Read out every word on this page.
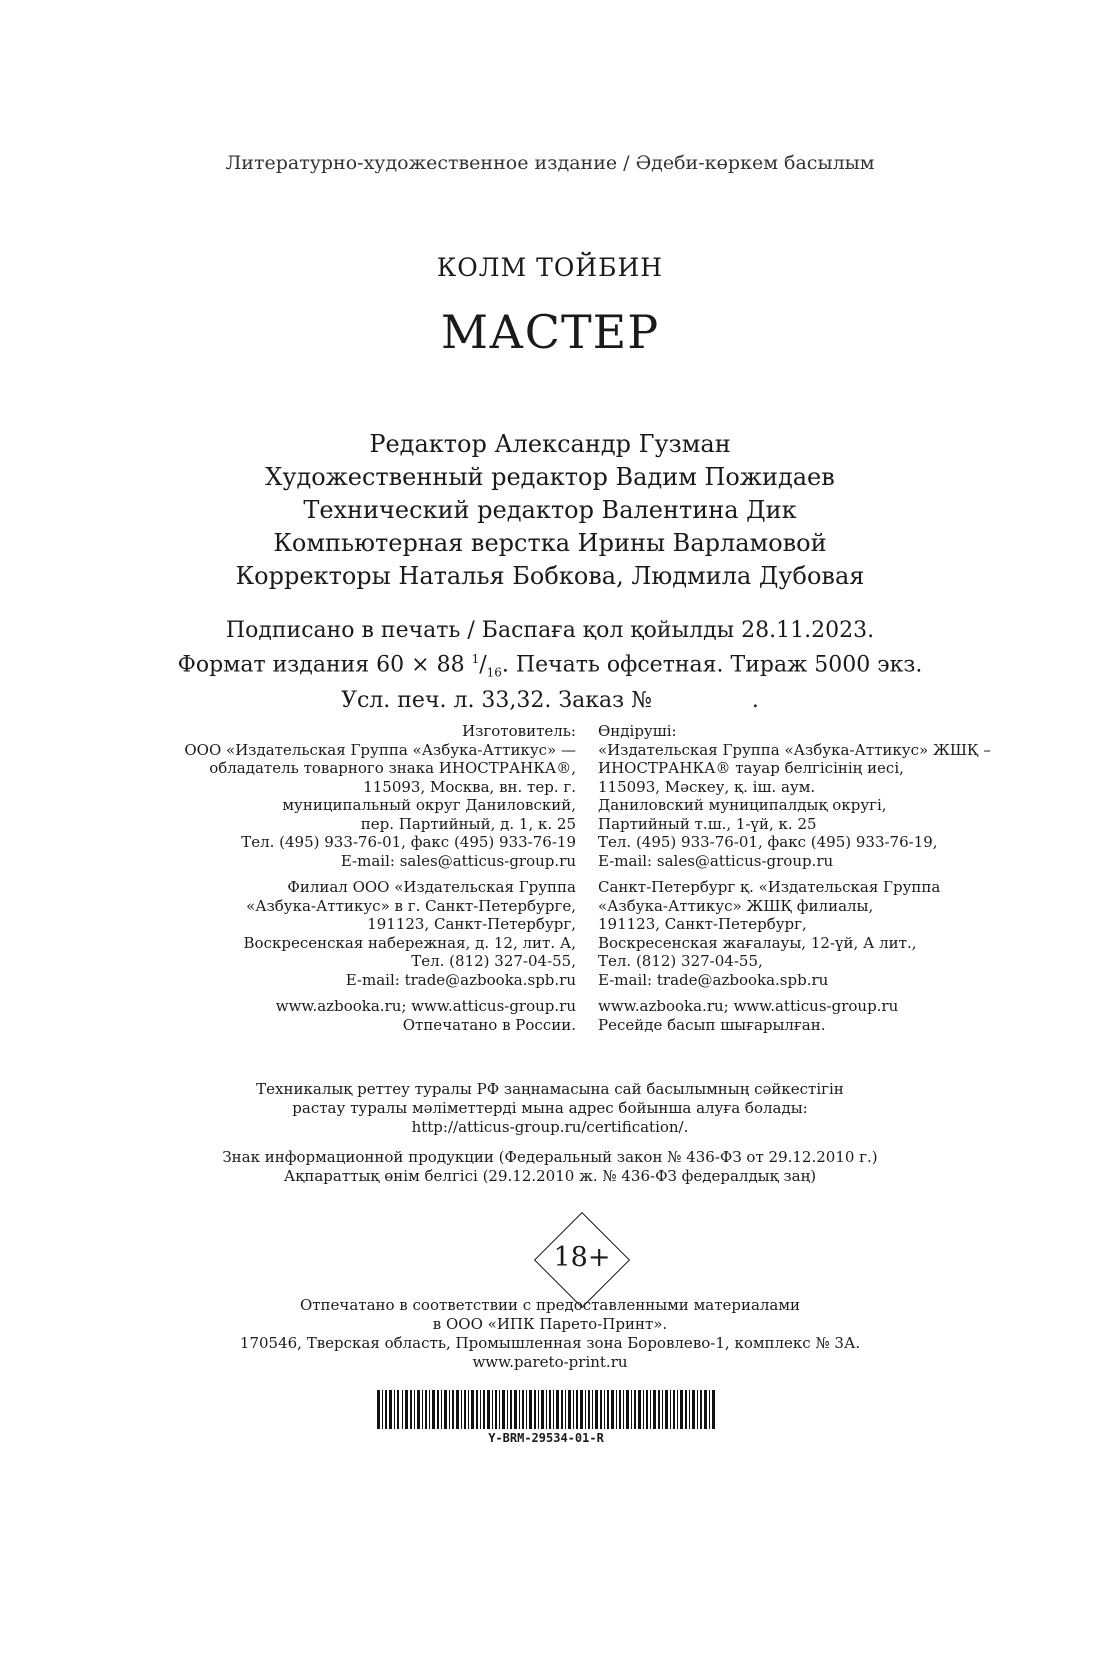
Литературно-художественное издание / Әдеби-көркем басылым
КОЛМ ТОЙБИН
МАСТЕР
Редактор Александр Гузман
Художественный редактор Вадим Пожидаев
Технический редактор Валентина Дик
Компьютерная верстка Ирины Варламовой
Корректоры Наталья Бобкова, Людмила Дубовая
Подписано в печать / Баспаға қол қойылды 28.11.2023.
Формат издания 60 × 88 $^1/_{16}$. Печать офсетная. Тираж 5000 экз.
Усл. печ. л. 33,32. Заказ №	.
Изготовитель:
ООО «Издательская Группа «Азбука-Аттикус» —
обладатель товарного знака ИНОСТРАНКА®,
115093, Москва, вн. тер. г.
муниципальный округ Даниловский,
пер. Партийный, д. 1, к. 25
Тел. (495) 933-76-01, факс (495) 933-76-19
E-mail: sales@atticus-group.ru
Филиал ООО «Издательская Группа
«Азбука-Аттикус» в г. Санкт-Петербурге,
191123, Санкт-Петербург,
Воскресенская набережная, д. 12, лит. А,
Тел. (812) 327-04-55,
E-mail: trade@azbooka.spb.ru
www.azbooka.ru; www.atticus-group.ru
Отпечатано в России.
Өндіруші:
«Издательская Группа «Азбука-Аттикус» ЖШҚ –
ИНОСТРАНКА® тауар белгісінің иесі,
115093, Мәскеу, қ. іш. аум.
Даниловский муниципалдық округі,
Партийный т.ш., 1-үй, к. 25
Тел. (495) 933-76-01, факс (495) 933-76-19,
E-mail: sales@atticus-group.ru
Санкт-Петербург қ. «Издательская Группа
«Азбука-Аттикус» ЖШҚ филиалы,
191123, Санкт-Петербург,
Воскресенская жағалауы, 12-үй, А лит.,
Тел. (812) 327-04-55,
E-mail: trade@azbooka.spb.ru
www.azbooka.ru; www.atticus-group.ru
Ресейде басып шығарылған.
Техникалық реттеу туралы РФ заңнамасына сай басылымның сәйкестігін
растау туралы мәліметтерді мына адрес бойынша алуға болады:
http://atticus-group.ru/certification/.
Знак информационной продукции (Федеральный закон № 436-ФЗ от 29.12.2010 г.)
Ақпараттық өнім белгісі (29.12.2010 ж. № 436-ФЗ федералдық заң)
18+
Отпечатано в соответствии с предоставленными материалами
в ООО «ИПК Парето-Принт».
170546, Тверская область, Промышленная зона Боровлево-1, комплекс № 3А.
www.pareto-print.ru
Y-BRM-29534-01-R
